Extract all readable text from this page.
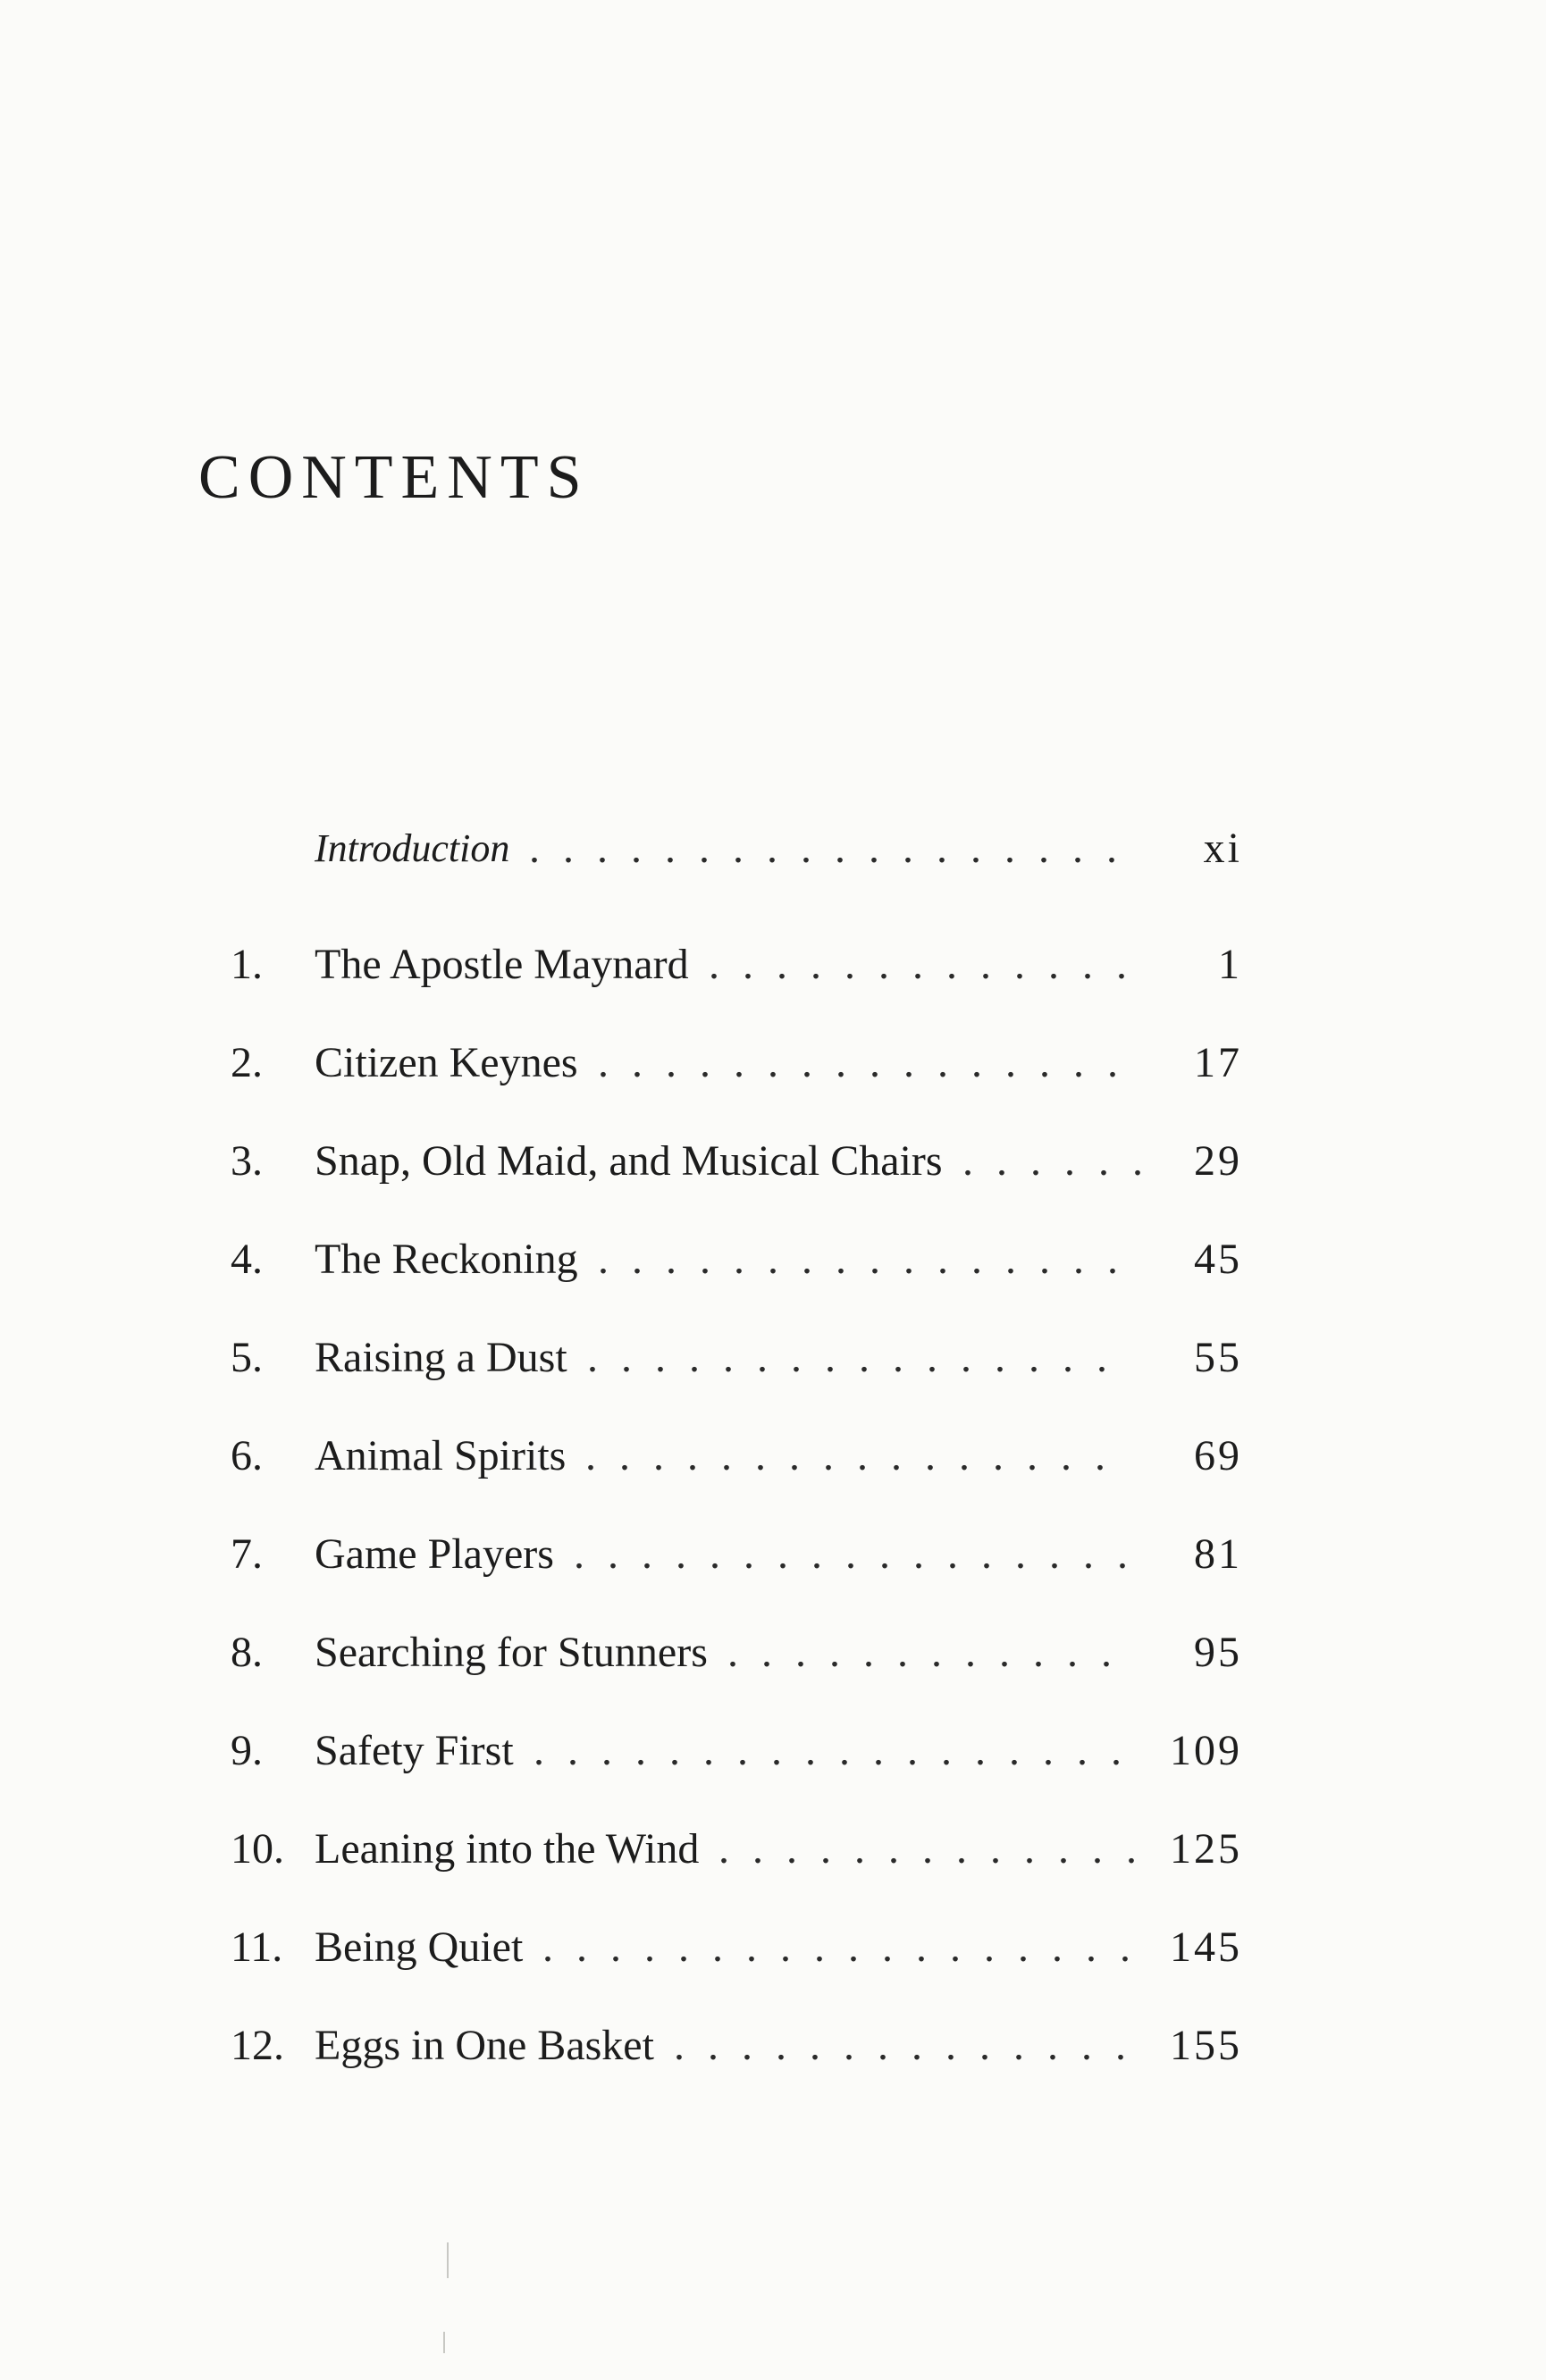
CONTENTS
Introduction ..................	xi
1. The Apostle Maynard .............	1
2. Citizen Keynes ................	17
3. Snap, Old Maid, and Musical Chairs ...... 29
4. The Reckoning ................	45
5. Raising a Dust ................	55
6. Animal Spirits ................	69
7. Game Players .................	81
8. Searching for Stunners ............	95
9. Safety First .................. 109
10. Leaning into the Wind ............. 125
11. Being Quiet .................. 145
12. Eggs in One Basket .............. 155
